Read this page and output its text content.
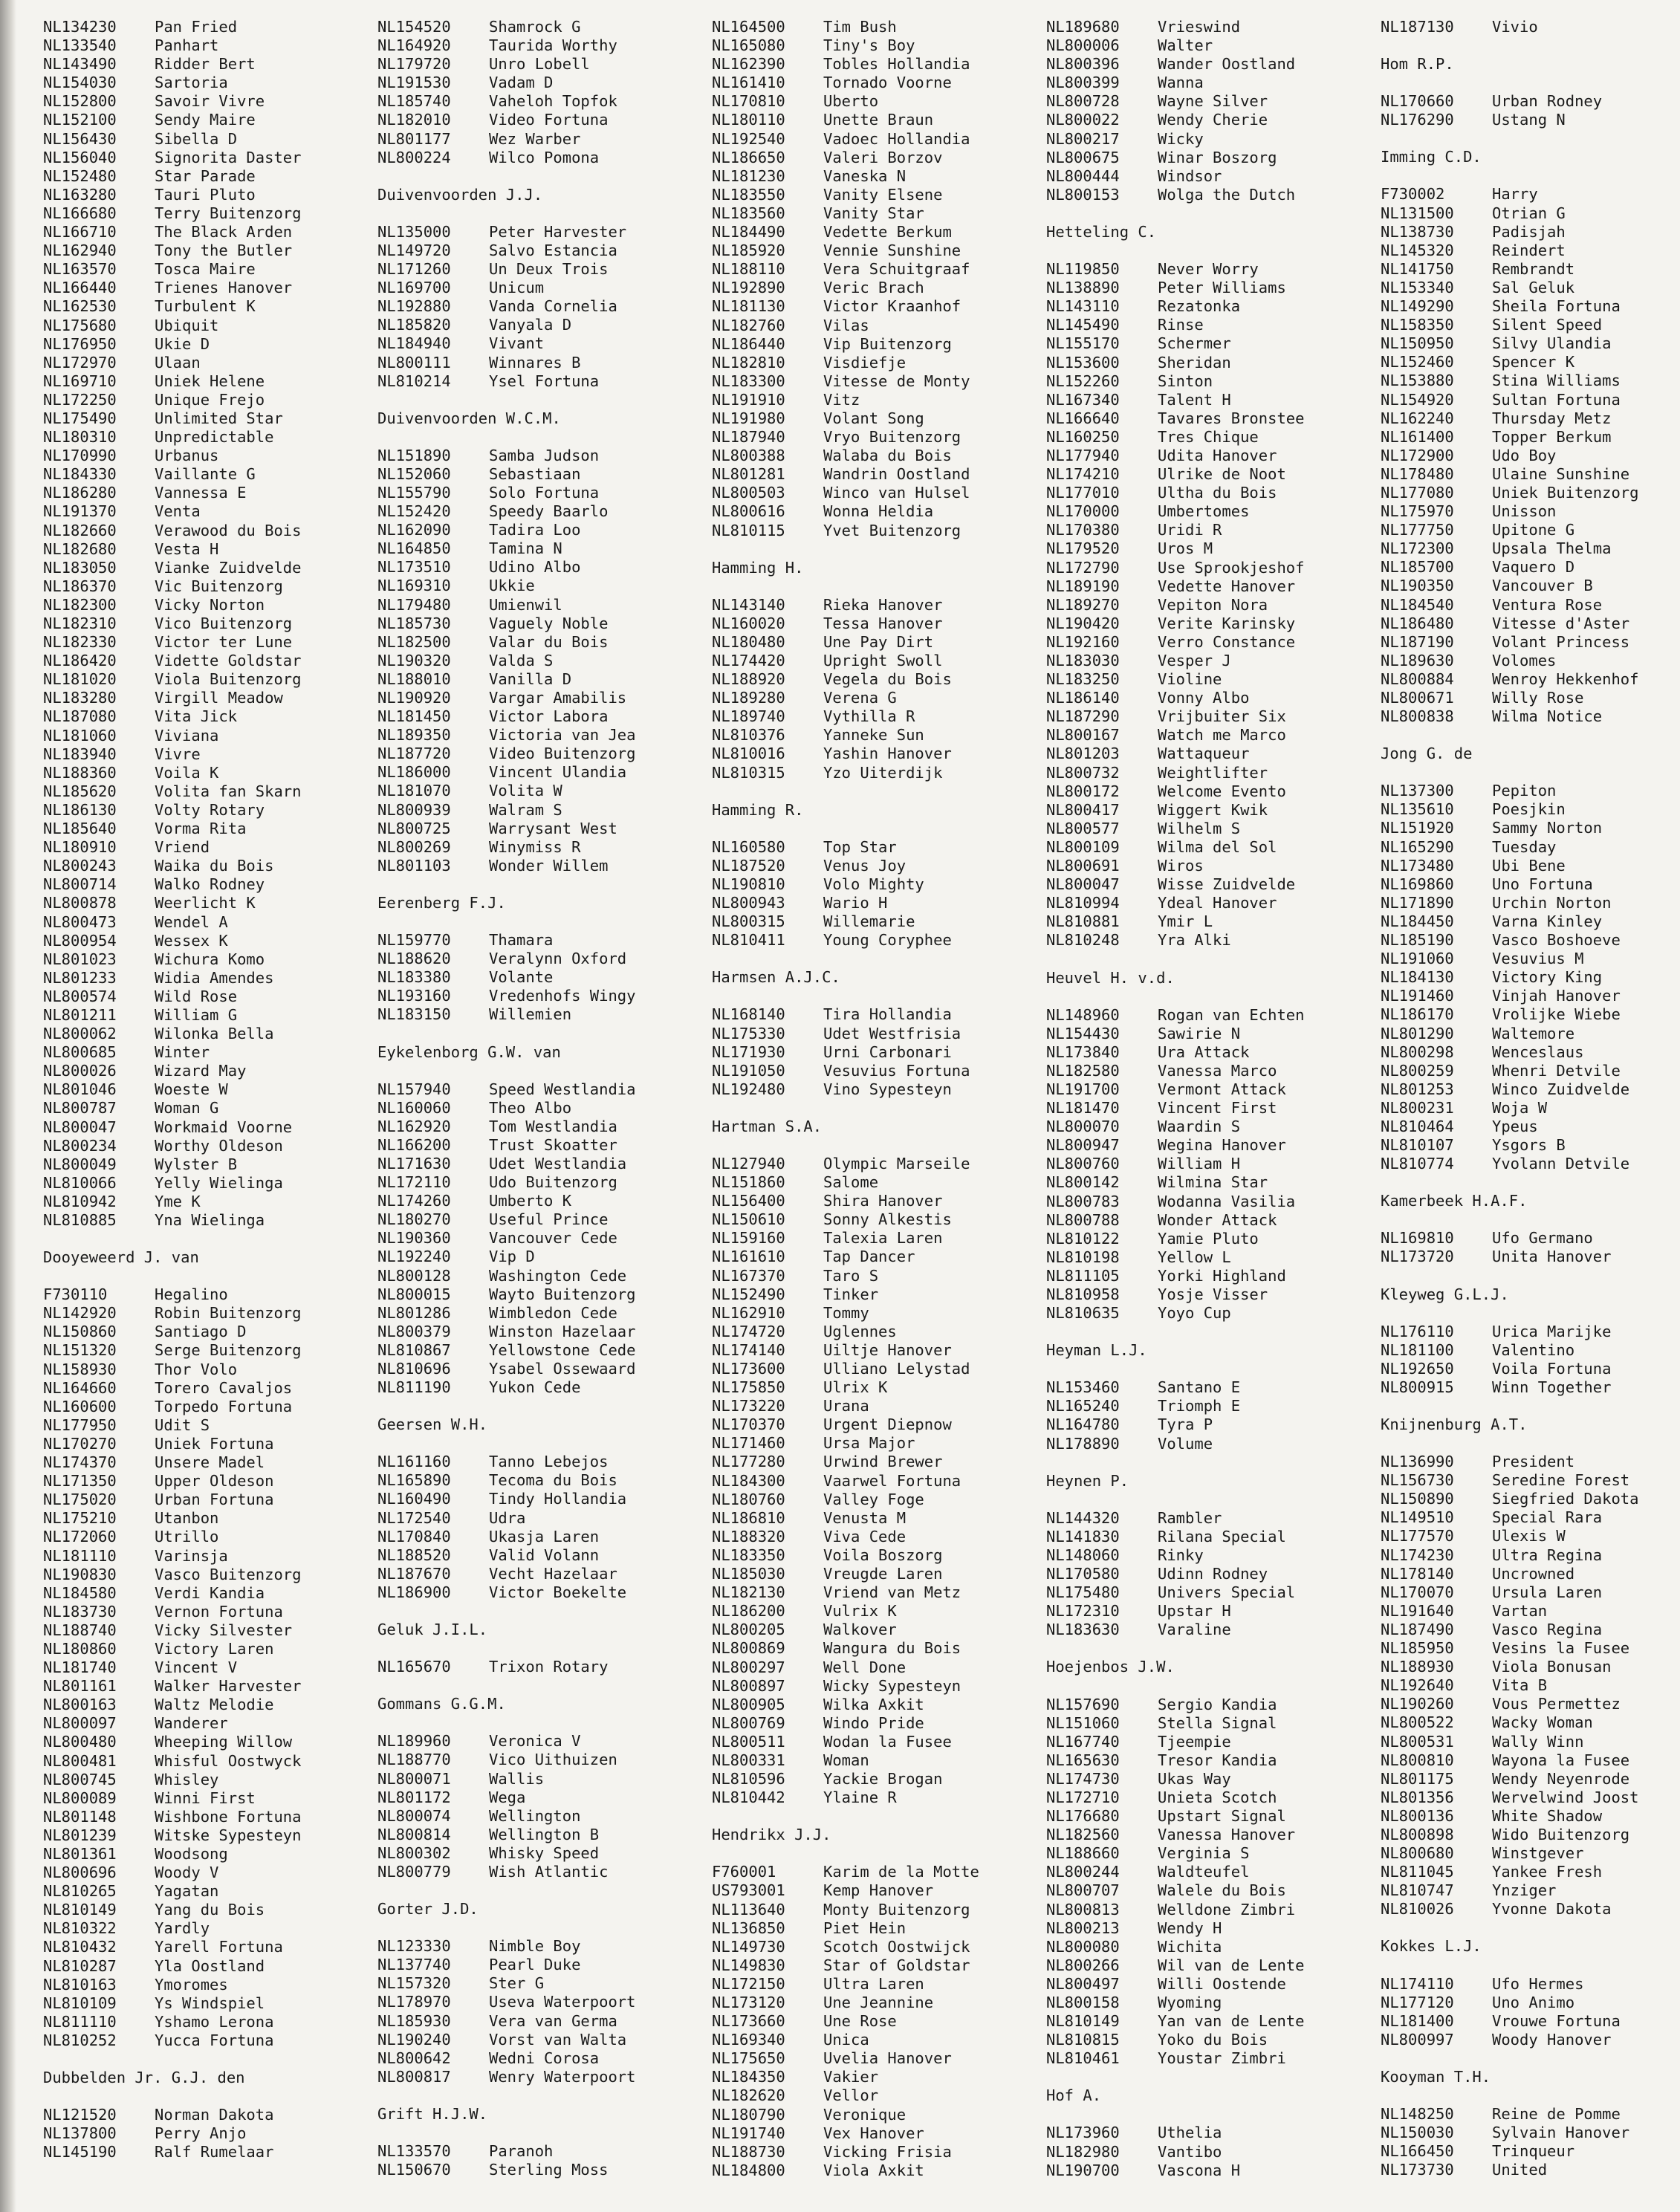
NL134230	Pan Fried
NL133540	Panhart
NL143490	Ridder Bert
NL154030	Sartoria
NL152800	Savoir Vivre
NL152100	Sendy Maire
NL156430	Sibella D
NL156040	Signorita Daster
NL152480	Star Parade
NL163280	Tauri Pluto
NL166680	Terry Buitenzorg
NL166710	The Black Arden
NL162940	Tony the Butler
NL163570	Tosca Maire
NL166440	Trienes Hanover
NL162530	Turbulent K
NL175680	Ubiquit
NL176950	Ukie D
NL172970	Ulaan
NL169710	Uniek Helene
NL172250	Unique Frejo
NL175490	Unlimited Star
NL180310	Unpredictable
NL170990	Urbanus
NL184330	Vaillante G
NL186280	Vannessa E
NL191370	Venta
NL182660	Verawood du Bois
NL182680	Vesta H
NL183050	Vianke Zuidvelde
NL186370	Vic Buitenzorg
NL182300	Vicky Norton
NL182310	Vico Buitenzorg
NL182330	Victor ter Lune
NL186420	Vidette Goldstar
NL181020	Viola Buitenzorg
NL183280	Virgill Meadow
NL187080	Vita Jick
NL181060	Viviana
NL183940	Vivre
NL188360	Voila K
NL185620	Volita fan Skarn
NL186130	Volty Rotary
NL185640	Vorma Rita
NL180910	Vriend
NL800243	Waika du Bois
NL800714	Walko Rodney
NL800878	Weerlicht K
NL800473	Wendel A
NL800954	Wessex K
NL801023	Wichura Komo
NL801233	Widia Amendes
NL800574	Wild Rose
NL801211	William G
NL800062	Wilonka Bella
NL800685	Winter
NL800026	Wizard May
NL801046	Woeste W
NL800787	Woman G
NL800047	Workmaid Voorne
NL800234	Worthy Oldeson
NL800049	Wylster B
NL810066	Yelly Wielinga
NL810942	Yme K
NL810885	Yna Wielinga
Dooyeweerd J. van
F730110	Hegalino
NL142920	Robin Buitenzorg
NL150860	Santiago D
NL151320	Serge Buitenzorg
NL158930	Thor Volo
NL164660	Torero Cavaljos
NL160600	Torpedo Fortuna
NL177950	Udit S
NL170270	Uniek Fortuna
NL174370	Unsere Madel
NL171350	Upper Oldeson
NL175020	Urban Fortuna
NL175210	Utanbon
NL172060	Utrillo
NL181110	Varinsja
NL190830	Vasco Buitenzorg
NL184580	Verdi Kandia
NL183730	Vernon Fortuna
NL188740	Vicky Silvester
NL180860	Victory Laren
NL181740	Vincent V
NL801161	Walker Harvester
NL800163	Waltz Melodie
NL800097	Wanderer
NL800480	Wheeping Willow
NL800481	Whisful Oostwyck
NL800745	Whisley
NL800089	Winni First
NL801148	Wishbone Fortuna
NL801239	Witske Sypesteyn
NL801361	Woodsong
NL800696	Woody V
NL810265	Yagatan
NL810149	Yang du Bois
NL810322	Yardly
NL810432	Yarell Fortuna
NL810287	Yla Oostland
NL810163	Ymoromes
NL810109	Ys Windspiel
NL811110	Yshamo Lerona
NL810252	Yucca Fortuna
Dubbelden Jr. G.J. den
NL121520	Norman Dakota
NL137800	Perry Anjo
NL145190	Ralf Rumelaar
NL154520	Shamrock G
NL164920	Taurida Worthy
NL179720	Unro Lobell
NL191530	Vadam D
NL185740	Vaheloh Topfok
NL182010	Video Fortuna
NL801177	Wez Warber
NL800224	Wilco Pomona
Duivenvoorden J.J.
NL135000	Peter Harvester
NL149720	Salvo Estancia
NL171260	Un Deux Trois
NL169700	Unicum
NL192880	Vanda Cornelia
NL185820	Vanyala D
NL184940	Vivant
NL800111	Winnares B
NL810214	Ysel Fortuna
Duivenvoorden W.C.M.
NL151890	Samba Judson
NL152060	Sebastiaan
NL155790	Solo Fortuna
NL152420	Speedy Baarlo
NL162090	Tadira Loo
NL164850	Tamina N
NL173510	Udino Albo
NL169310	Ukkie
NL179480	Umienwil
NL185730	Vaguely Noble
NL182500	Valar du Bois
NL190320	Valda S
NL188010	Vanilla D
NL190920	Vargar Amabilis
NL181450	Victor Labora
NL189350	Victoria van Jea
NL187720	Video Buitenzorg
NL186000	Vincent Ulandia
NL181070	Volita W
NL800939	Walram S
NL800725	Warrysant West
NL800269	Winymiss R
NL801103	Wonder Willem
Eerenberg F.J.
NL159770	Thamara
NL188620	Veralynn Oxford
NL183380	Volante
NL193160	Vredenhofs Wingy
NL183150	Willemien
Eykelenborg G.W. van
NL157940	Speed Westlandia
NL160060	Theo Albo
NL162920	Tom Westlandia
NL166200	Trust Skoatter
NL171630	Udet Westlandia
NL172110	Udo Buitenzorg
NL174260	Umberto K
NL180270	Useful Prince
NL190360	Vancouver Cede
NL192240	Vip D
NL800128	Washington Cede
NL800015	Wayto Buitenzorg
NL801286	Wimbledon Cede
NL800379	Winston Hazelaar
NL810867	Yellowstone Cede
NL810696	Ysabel Ossewaard
NL811190	Yukon Cede
Geersen W.H.
NL161160	Tanno Lebejos
NL165890	Tecoma du Bois
NL160490	Tindy Hollandia
NL172540	Udra
NL170840	Ukasja Laren
NL188520	Valid Volann
NL187670	Vecht Hazelaar
NL186900	Victor Boekelte
Geluk J.I.L.
NL165670	Trixon Rotary
Gommans G.G.M.
NL189960	Veronica V
NL188770	Vico Uithuizen
NL800071	Wallis
NL801172	Wega
NL800074	Wellington
NL800814	Wellington B
NL800302	Whisky Speed
NL800779	Wish Atlantic
Gorter J.D.
NL123330	Nimble Boy
NL137740	Pearl Duke
NL157320	Ster G
NL178970	Useva Waterpoort
NL185930	Vera van Germa
NL190240	Vorst van Walta
NL800642	Wedni Corosa
NL800817	Wenry Waterpoort
Grift H.J.W.
NL133570	Paranoh
NL150670	Sterling Moss
NL164500	Tim Bush
NL165080	Tiny's Boy
NL162390	Tobles Hollandia
NL161410	Tornado Voorne
NL170810	Uberto
NL180110	Unette Braun
NL192540	Vadoec Hollandia
NL186650	Valeri Borzov
NL181230	Vaneska N
NL183550	Vanity Elsene
NL183560	Vanity Star
NL184490	Vedette Berkum
NL185920	Vennie Sunshine
NL188110	Vera Schuitgraaf
NL192890	Veric Brach
NL181130	Victor Kraanhof
NL182760	Vilas
NL186440	Vip Buitenzorg
NL182810	Visdiefje
NL183300	Vitesse de Monty
NL191910	Vitz
NL191980	Volant Song
NL187940	Vryo Buitenzorg
NL800388	Walaba du Bois
NL801281	Wandrin Oostland
NL800503	Winco van Hulsel
NL800616	Wonna Heldia
NL810115	Yvet Buitenzorg
Hamming H.
NL143140	Rieka Hanover
NL160020	Tessa Hanover
NL180480	Une Pay Dirt
NL174420	Upright Swoll
NL188920	Vegela du Bois
NL189280	Verena G
NL189740	Vythilla R
NL810376	Yanneke Sun
NL810016	Yashin Hanover
NL810315	Yzo Uiterdijk
Hamming R.
NL160580	Top Star
NL187520	Venus Joy
NL190810	Volo Mighty
NL800943	Wario H
NL800315	Willemarie
NL810411	Young Coryphee
Harmsen A.J.C.
NL168140	Tira Hollandia
NL175330	Udet Westfrisia
NL171930	Urni Carbonari
NL191050	Vesuvius Fortuna
NL192480	Vino Sypesteyn
Hartman S.A.
NL127940	Olympic Marseile
NL151860	Salome
NL156400	Shira Hanover
NL150610	Sonny Alkestis
NL159160	Talexia Laren
NL161610	Tap Dancer
NL167370	Taro S
NL152490	Tinker
NL162910	Tommy
NL174720	Uglennes
NL174140	Uiltje Hanover
NL173600	Ulliano Lelystad
NL175850	Ulrix K
NL173220	Urana
NL170370	Urgent Diepnow
NL171460	Ursa Major
NL177280	Urwind Brewer
NL184300	Vaarwel Fortuna
NL180760	Valley Foge
NL186810	Venusta M
NL188320	Viva Cede
NL183350	Voila Boszorg
NL185030	Vreugde Laren
NL182130	Vriend van Metz
NL186200	Vulrix K
NL800205	Walkover
NL800869	Wangura du Bois
NL800297	Well Done
NL800897	Wicky Sypesteyn
NL800905	Wilka Axkit
NL800769	Windo Pride
NL800511	Wodan la Fusee
NL800331	Woman
NL810596	Yackie Brogan
NL810442	Ylaine R
Hendrikx J.J.
F760001	Karim de la Motte
US793001	Kemp Hanover
NL113640	Monty Buitenzorg
NL136850	Piet Hein
NL149730	Scotch Oostwijck
NL149830	Star of Goldstar
NL172150	Ultra Laren
NL173120	Une Jeannine
NL173660	Une Rose
NL169340	Unica
NL175650	Uvelia Hanover
NL184350	Vakier
NL182620	Vellor
NL180790	Veronique
NL191740	Vex Hanover
NL188730	Vicking Frisia
NL184800	Viola Axkit
NL189680	Vrieswind
NL800006	Walter
NL800396	Wander Oostland
NL800399	Wanna
NL800728	Wayne Silver
NL800022	Wendy Cherie
NL800217	Wicky
NL800675	Winar Boszorg
NL800444	Windsor
NL800153	Wolga the Dutch
Hetteling C.
NL119850	Never Worry
NL138890	Peter Williams
NL143110	Rezatonka
NL145490	Rinse
NL155170	Schermer
NL153600	Sheridan
NL152260	Sinton
NL167340	Talent H
NL166640	Tavares Bronstee
NL160250	Tres Chique
NL177940	Udita Hanover
NL174210	Ulrike de Noot
NL177010	Ultha du Bois
NL170000	Umbertomes
NL170380	Uridi R
NL179520	Uros M
NL172790	Use Sprookjeshof
NL189190	Vedette Hanover
NL189270	Vepiton Nora
NL190420	Verite Karinsky
NL192160	Verro Constance
NL183030	Vesper J
NL183250	Violine
NL186140	Vonny Albo
NL187290	Vrijbuiter Six
NL800167	Watch me Marco
NL801203	Wattaqueur
NL800732	Weightlifter
NL800172	Welcome Evento
NL800417	Wiggert Kwik
NL800577	Wilhelm S
NL800109	Wilma del Sol
NL800691	Wiros
NL800047	Wisse Zuidvelde
NL810994	Ydeal Hanover
NL810881	Ymir L
NL810248	Yra Alki
Heuvel H. v.d.
NL148960	Rogan van Echten
NL154430	Sawirie N
NL173840	Ura Attack
NL182580	Vanessa Marco
NL191700	Vermont Attack
NL181470	Vincent First
NL800070	Waardin S
NL800947	Wegina Hanover
NL800760	William H
NL800142	Wilmina Star
NL800783	Wodanna Vasilia
NL800788	Wonder Attack
NL810122	Yamie Pluto
NL810198	Yellow L
NL811105	Yorki Highland
NL810958	Yosje Visser
NL810635	Yoyo Cup
Heyman L.J.
NL153460	Santano E
NL165240	Triomph E
NL164780	Tyra P
NL178890	Volume
Heynen P.
NL144320	Rambler
NL141830	Rilana Special
NL148060	Rinky
NL170580	Udinn Rodney
NL175480	Univers Special
NL172310	Upstar H
NL183630	Varaline
Hoejenbos J.W.
NL157690	Sergio Kandia
NL151060	Stella Signal
NL167740	Tjeempie
NL165630	Tresor Kandia
NL174730	Ukas Way
NL172710	Unieta Scotch
NL176680	Upstart Signal
NL182560	Vanessa Hanover
NL188660	Verginia S
NL800244	Waldteufel
NL800707	Walele du Bois
NL800813	Welldone Zimbri
NL800213	Wendy H
NL800080	Wichita
NL800266	Wil van de Lente
NL800497	Willi Oostende
NL800158	Wyoming
NL810149	Yan van de Lente
NL810815	Yoko du Bois
NL810461	Youstar Zimbri
Hof A.
NL173960	Uthelia
NL182980	Vantibo
NL190700	Vascona H
NL187130	Vivio
Hom R.P.
NL170660	Urban Rodney
NL176290	Ustang N
Imming C.D.
F730002	Harry
NL131500	Otrian G
NL138730	Padisjah
NL145320	Reindert
NL141750	Rembrandt
NL153340	Sal Geluk
NL149290	Sheila Fortuna
NL158350	Silent Speed
NL150950	Silvy Ulandia
NL152460	Spencer K
NL153880	Stina Williams
NL154920	Sultan Fortuna
NL162240	Thursday Metz
NL161400	Topper Berkum
NL172900	Udo Boy
NL178480	Ulaine Sunshine
NL177080	Uniek Buitenzorg
NL175970	Unisson
NL177750	Upitone G
NL172300	Upsala Thelma
NL185700	Vaquero D
NL190350	Vancouver B
NL184540	Ventura Rose
NL186480	Vitesse d'Aster
NL187190	Volant Princess
NL189630	Volomes
NL800884	Wenroy Hekkenhof
NL800671	Willy Rose
NL800838	Wilma Notice
Jong G. de
NL137300	Pepiton
NL135610	Poesjkin
NL151920	Sammy Norton
NL165290	Tuesday
NL173480	Ubi Bene
NL169860	Uno Fortuna
NL171890	Urchin Norton
NL184450	Varna Kinley
NL185190	Vasco Boshoeve
NL191060	Vesuvius M
NL184130	Victory King
NL191460	Vinjah Hanover
NL186170	Vrolijke Wiebe
NL801290	Waltemore
NL800298	Wenceslaus
NL800259	Whenri Detvile
NL801253	Winco Zuidvelde
NL800231	Woja W
NL810464	Ypeus
NL810107	Ysgors B
NL810774	Yvolann Detvile
Kamerbeek H.A.F.
NL169810	Ufo Germano
NL173720	Unita Hanover
Kleyweg G.L.J.
NL176110	Urica Marijke
NL181100	Valentino
NL192650	Voila Fortuna
NL800915	Winn Together
Knijnenburg A.T.
NL136990	President
NL156730	Seredine Forest
NL150890	Siegfried Dakota
NL149510	Special Rara
NL177570	Ulexis W
NL174230	Ultra Regina
NL178140	Uncrowned
NL170070	Ursula Laren
NL191640	Vartan
NL187490	Vasco Regina
NL185950	Vesins la Fusee
NL188930	Viola Bonusan
NL192640	Vita B
NL190260	Vous Permettez
NL800522	Wacky Woman
NL800531	Wally Winn
NL800810	Wayona la Fusee
NL801175	Wendy Neyenrode
NL801356	Wervelwind Joost
NL800136	White Shadow
NL800898	Wido Buitenzorg
NL800680	Winstgever
NL811045	Yankee Fresh
NL810747	Ynziger
NL810026	Yvonne Dakota
Kokkes L.J.
NL174110	Ufo Hermes
NL177120	Uno Animo
NL181400	Vrouwe Fortuna
NL800997	Woody Hanover
Kooyman T.H.
NL148250	Reine de Pomme
NL150030	Sylvain Hanover
NL166450	Trinqueur
NL173730	United
